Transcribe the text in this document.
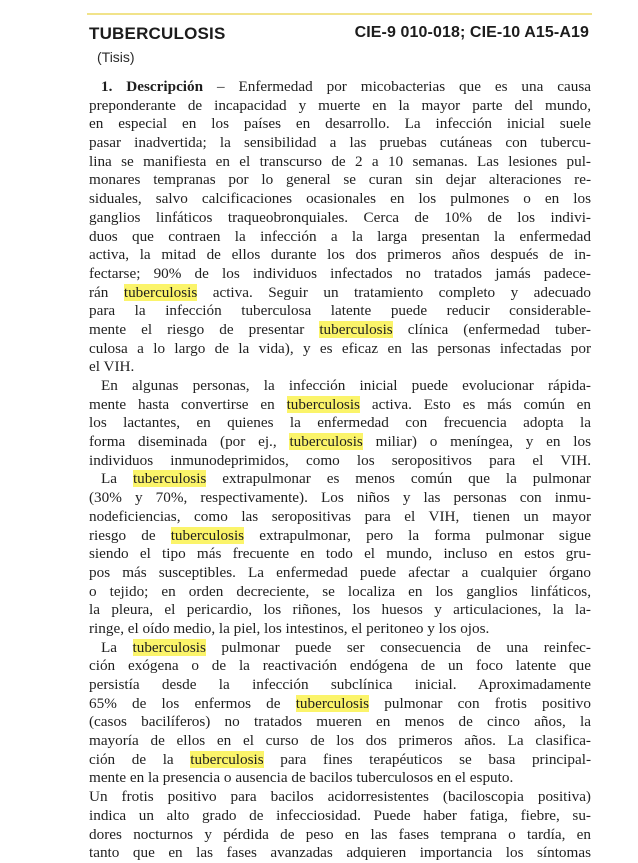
TUBERCULOSIS	CIE-9 010-018; CIE-10 A15-A19
(Tisis)
1. Descripción – Enfermedad por micobacterias que es una causa
preponderante de incapacidad y muerte en la mayor parte del mundo,
en especial en los países en desarrollo. La infección inicial suele
pasar inadvertida; la sensibilidad a las pruebas cutáneas con tubercu-
lina se manifiesta en el transcurso de 2 a 10 semanas. Las lesiones pul-
monares tempranas por lo general se curan sin dejar alteraciones re-
siduales, salvo calcificaciones ocasionales en los pulmones o en los
ganglios linfáticos traqueobronquiales. Cerca de 10% de los indivi-
duos que contraen la infección a la larga presentan la enfermedad
activa, la mitad de ellos durante los dos primeros años después de in-
fectarse; 90% de los individuos infectados no tratados jamás padece-
rán tuberculosis activa. Seguir un tratamiento completo y adecuado
para la infección tuberculosa latente puede reducir considerable-
mente el riesgo de presentar tuberculosis clínica (enfermedad tuber-
culosa a lo largo de la vida), y es eficaz en las personas infectadas por
el VIH.
En algunas personas, la infección inicial puede evolucionar rápida-
mente hasta convertirse en tuberculosis activa. Esto es más común en
los lactantes, en quienes la enfermedad con frecuencia adopta la
forma diseminada (por ej., tuberculosis miliar) o meníngea, y en los
individuos inmunodeprimidos, como los seropositivos para el VIH.
La tuberculosis extrapulmonar es menos común que la pulmonar
(30% y 70%, respectivamente). Los niños y las personas con inmu-
nodeficiencias, como las seropositivas para el VIH, tienen un mayor
riesgo de tuberculosis extrapulmonar, pero la forma pulmonar sigue
siendo el tipo más frecuente en todo el mundo, incluso en estos gru-
pos más susceptibles. La enfermedad puede afectar a cualquier órgano
o tejido; en orden decreciente, se localiza en los ganglios linfáticos,
la pleura, el pericardio, los riñones, los huesos y articulaciones, la la-
ringe, el oído medio, la piel, los intestinos, el peritoneo y los ojos.
La tuberculosis pulmonar puede ser consecuencia de una reinfec-
ción exógena o de la reactivación endógena de un foco latente que
persistía desde la infección subclínica inicial. Aproximadamente
65% de los enfermos de tuberculosis pulmonar con frotis positivo
(casos bacilíferos) no tratados mueren en menos de cinco años, la
mayoría de ellos en el curso de los dos primeros años. La clasifica-
ción de la tuberculosis para fines terapéuticos se basa principal-
mente en la presencia o ausencia de bacilos tuberculosos en el esputo.
Un frotis positivo para bacilos acidorresistentes (baciloscopia positiva)
indica un alto grado de infecciosidad. Puede haber fatiga, fiebre, su-
dores nocturnos y pérdida de peso en las fases temprana o tardía, en
tanto que en las fases avanzadas adquieren importancia los síntomas
